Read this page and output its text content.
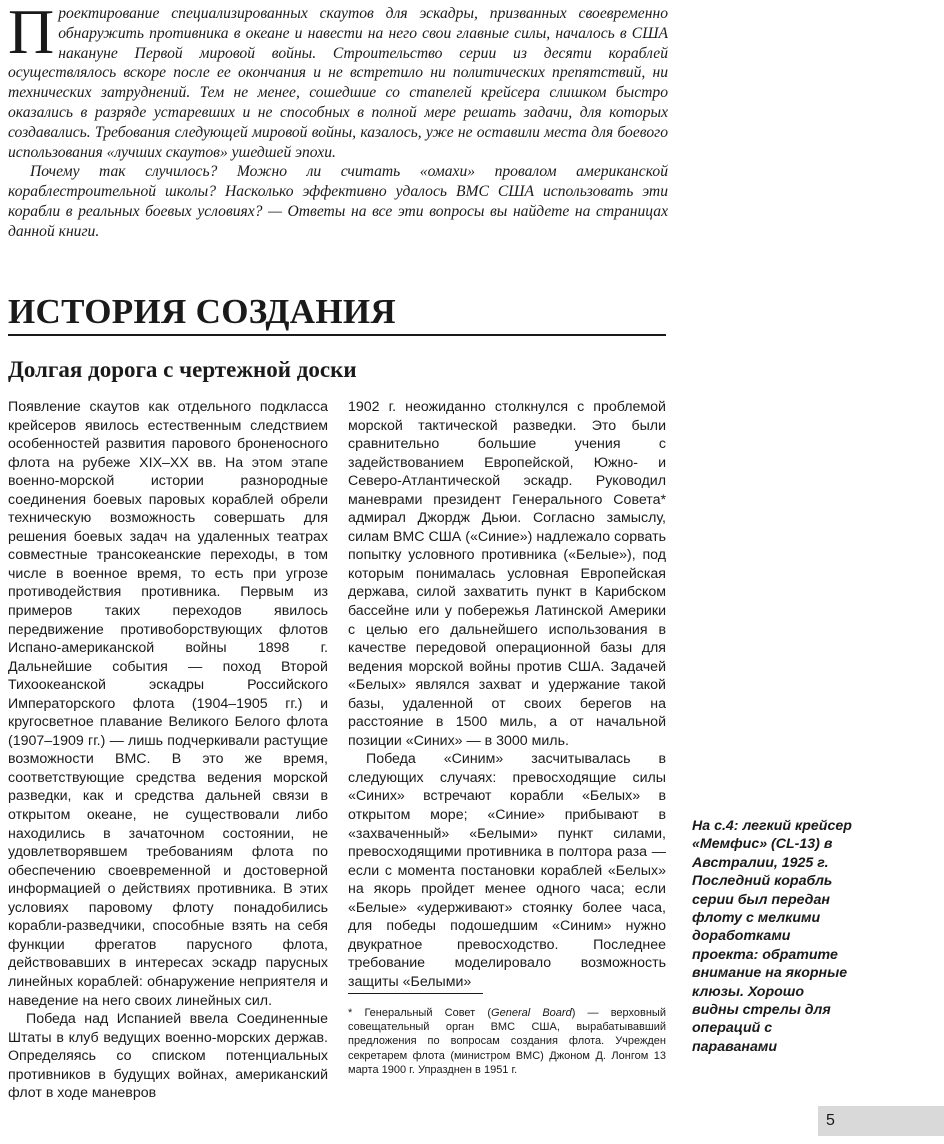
Проектирование специализированных скаутов для эскадры, призванных своевременно обнаружить противника в океане и навести на него свои главные силы, началось в США накануне Первой мировой войны. Строительство серии из десяти кораблей осуществлялось вскоре после ее окончания и не встретило ни политических препятствий, ни технических затруднений. Тем не менее, сошедшие со стапелей крейсера слишком быстро оказались в разряде устаревших и не способных в полной мере решать задачи, для которых создавались. Требования следующей мировой войны, казалось, уже не оставили места для боевого использования «лучших скаутов» ушедшей эпохи.

Почему так случилось? Можно ли считать «омахи» провалом американской кораблестроительной школы? Насколько эффективно удалось ВМС США использовать эти корабли в реальных боевых условиях? — Ответы на все эти вопросы вы найдете на страницах данной книги.

ИСТОРИЯ СОЗДАНИЯ
Долгая дорога с чертежной доски

Появление скаутов как отдельного подкласса крейсеров явилось естественным следствием особенностей развития парового броненосного флота на рубеже XIX–XX вв. На этом этапе военно-морской истории разнородные соединения боевых паровых кораблей обрели техническую возможность совершать для решения боевых задач на удаленных театрах совместные трансокеанские переходы, в том числе в военное время, то есть при угрозе противодействия противника. Первым из примеров таких переходов явилось передвижение противоборствующих флотов Испано-американской войны 1898 г. Дальнейшие события — поход Второй Тихоокеанской эскадры Российского Императорского флота (1904–1905 гг.) и кругосветное плавание Великого Белого флота (1907–1909 гг.) — лишь подчеркивали растущие возможности ВМС. В это же время, соответствующие средства ведения морской разведки, как и средства дальней связи в открытом океане, не существовали либо находились в зачаточном состоянии, не удовлетворявшем требованиям флота по обеспечению своевременной и достоверной информацией о действиях противника. В этих условиях паровому флоту понадобились корабли-разведчики, способные взять на себя функции фрегатов парусного флота, действовавших в интересах эскадр парусных линейных кораблей: обнаружение неприятеля и наведение на него своих линейных сил.

Победа над Испанией ввела Соединенные Штаты в клуб ведущих военно-морских держав. Определяясь со списком потенциальных противников в будущих войнах, американский флот в ходе маневров

1902 г. неожиданно столкнулся с проблемой морской тактической разведки. Это были сравнительно большие учения с задействованием Европейской, Южно- и Северо-Атлантической эскадр. Руководил маневрами президент Генерального Совета* адмирал Джордж Дьюи. Согласно замыслу, силам ВМС США («Синие») надлежало сорвать попытку условного противника («Белые»), под которым понималась условная Европейская держава, силой захватить пункт в Карибском бассейне или у побережья Латинской Америки с целью его дальнейшего использования в качестве передовой операционной базы для ведения морской войны против США. Задачей «Белых» являлся захват и удержание такой базы, удаленной от своих берегов на расстояние в 1500 миль, а от начальной позиции «Синих» — в 3000 миль.

Победа «Синим» засчитывалась в следующих случаях: превосходящие силы «Синих» встречают корабли «Белых» в открытом море; «Синие» прибывают в «захваченный» «Белыми» пункт силами, превосходящими противника в полтора раза — если с момента постановки кораблей «Белых» на якорь пройдет менее одного часа; если «Белые» «удерживают» стоянку более часа, для победы подошедшим «Синим» нужно двукратное превосходство. Последнее требование моделировало возможность защиты «Белыми»

* Генеральный Совет (General Board) — верховный совещательный орган ВМС США, вырабатывавший предложения по вопросам создания флота. Учрежден секретарем флота (министром ВМС) Джоном Д. Лонгом 13 марта 1900 г. Упразднен в 1951 г.

На с.4: легкий крейсер «Мемфис» (CL-13) в Австралии, 1925 г. Последний корабль серии был передан флоту с мелкими доработками проекта: обратите внимание на якорные клюзы. Хорошо видны стрелы для операций с параванами

5
